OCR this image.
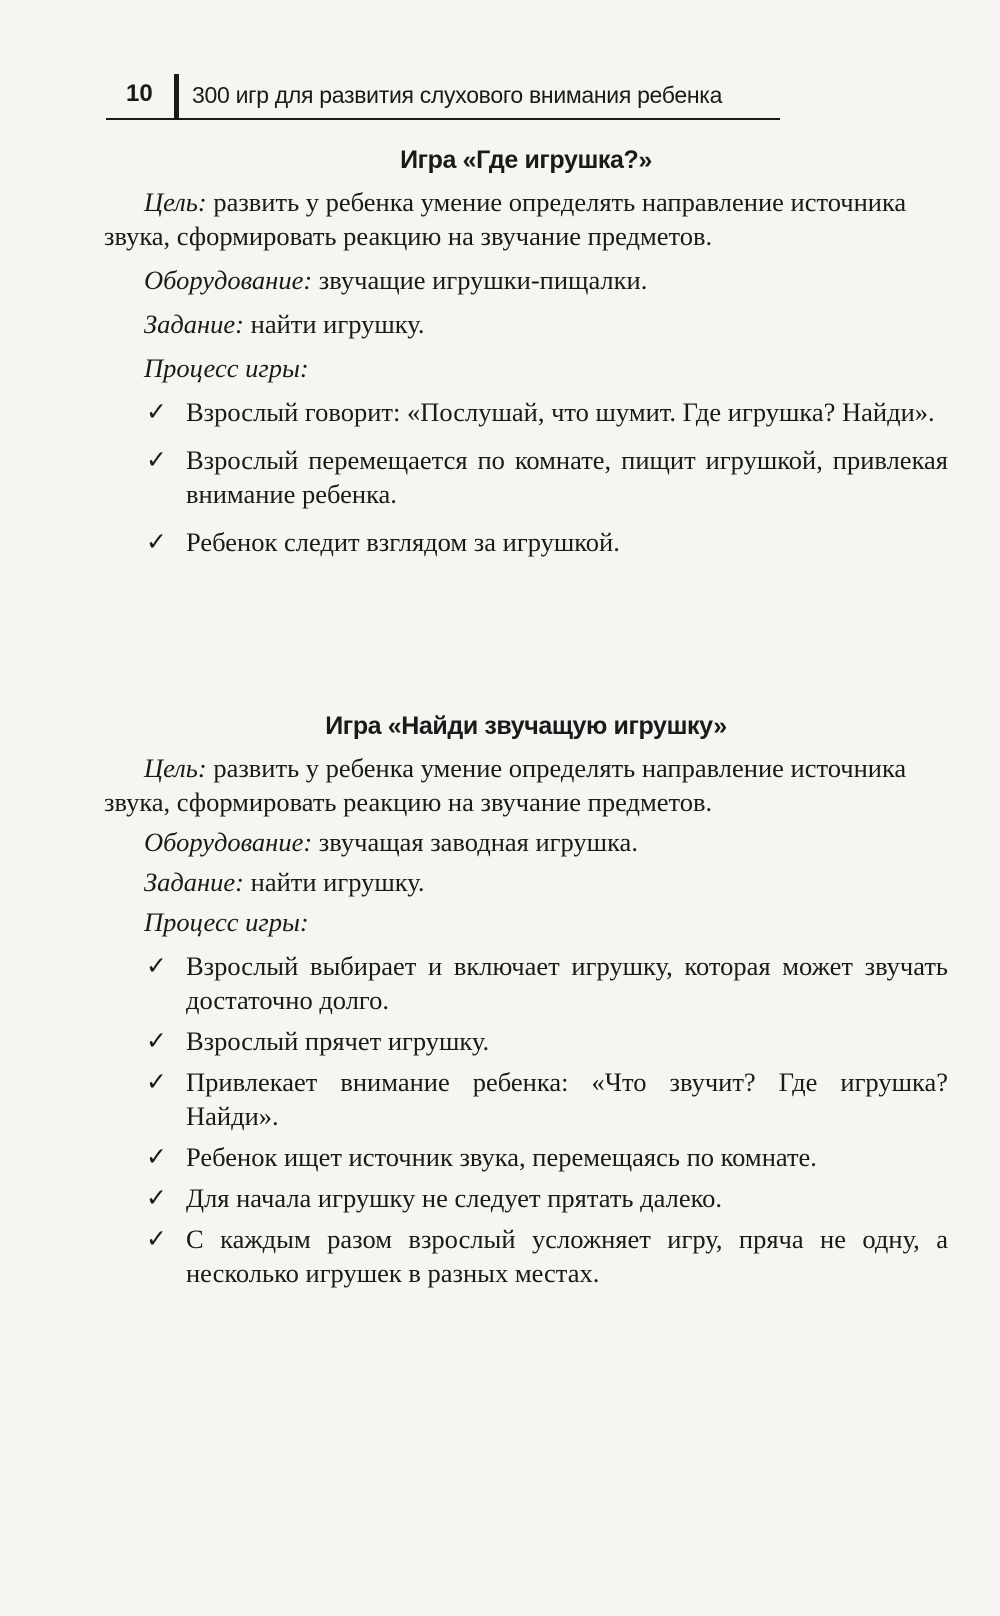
10 300 игр для развития слухового внимания ребенка
Игра «Где игрушка?»

Цель: развить у ребенка умение определять направление источника звука, сформировать реакцию на звучание предметов.

Оборудование: звучащие игрушки-пищалки.

Задание: найти игрушку.

Процесс игры:

✓ Взрослый говорит: «Послушай, что шумит. Где игрушка? Найди».
✓ Взрослый перемещается по комнате, пищит игрушкой, привлекая внимание ребенка.
✓ Ребенок следит взглядом за игрушкой.
Игра «Найди звучащую игрушку»

Цель: развить у ребенка умение определять направление источника звука, сформировать реакцию на звучание предметов.

Оборудование: звучащая заводная игрушка.

Задание: найти игрушку.

Процесс игры:

✓ Взрослый выбирает и включает игрушку, которая может звучать достаточно долго.
✓ Взрослый прячет игрушку.
✓ Привлекает внимание ребенка: «Что звучит? Где игрушка? Найди».
✓ Ребенок ищет источник звука, перемещаясь по комнате.
✓ Для начала игрушку не следует прятать далеко.
✓ С каждым разом взрослый усложняет игру, пряча не одну, а несколько игрушек в разных местах.
